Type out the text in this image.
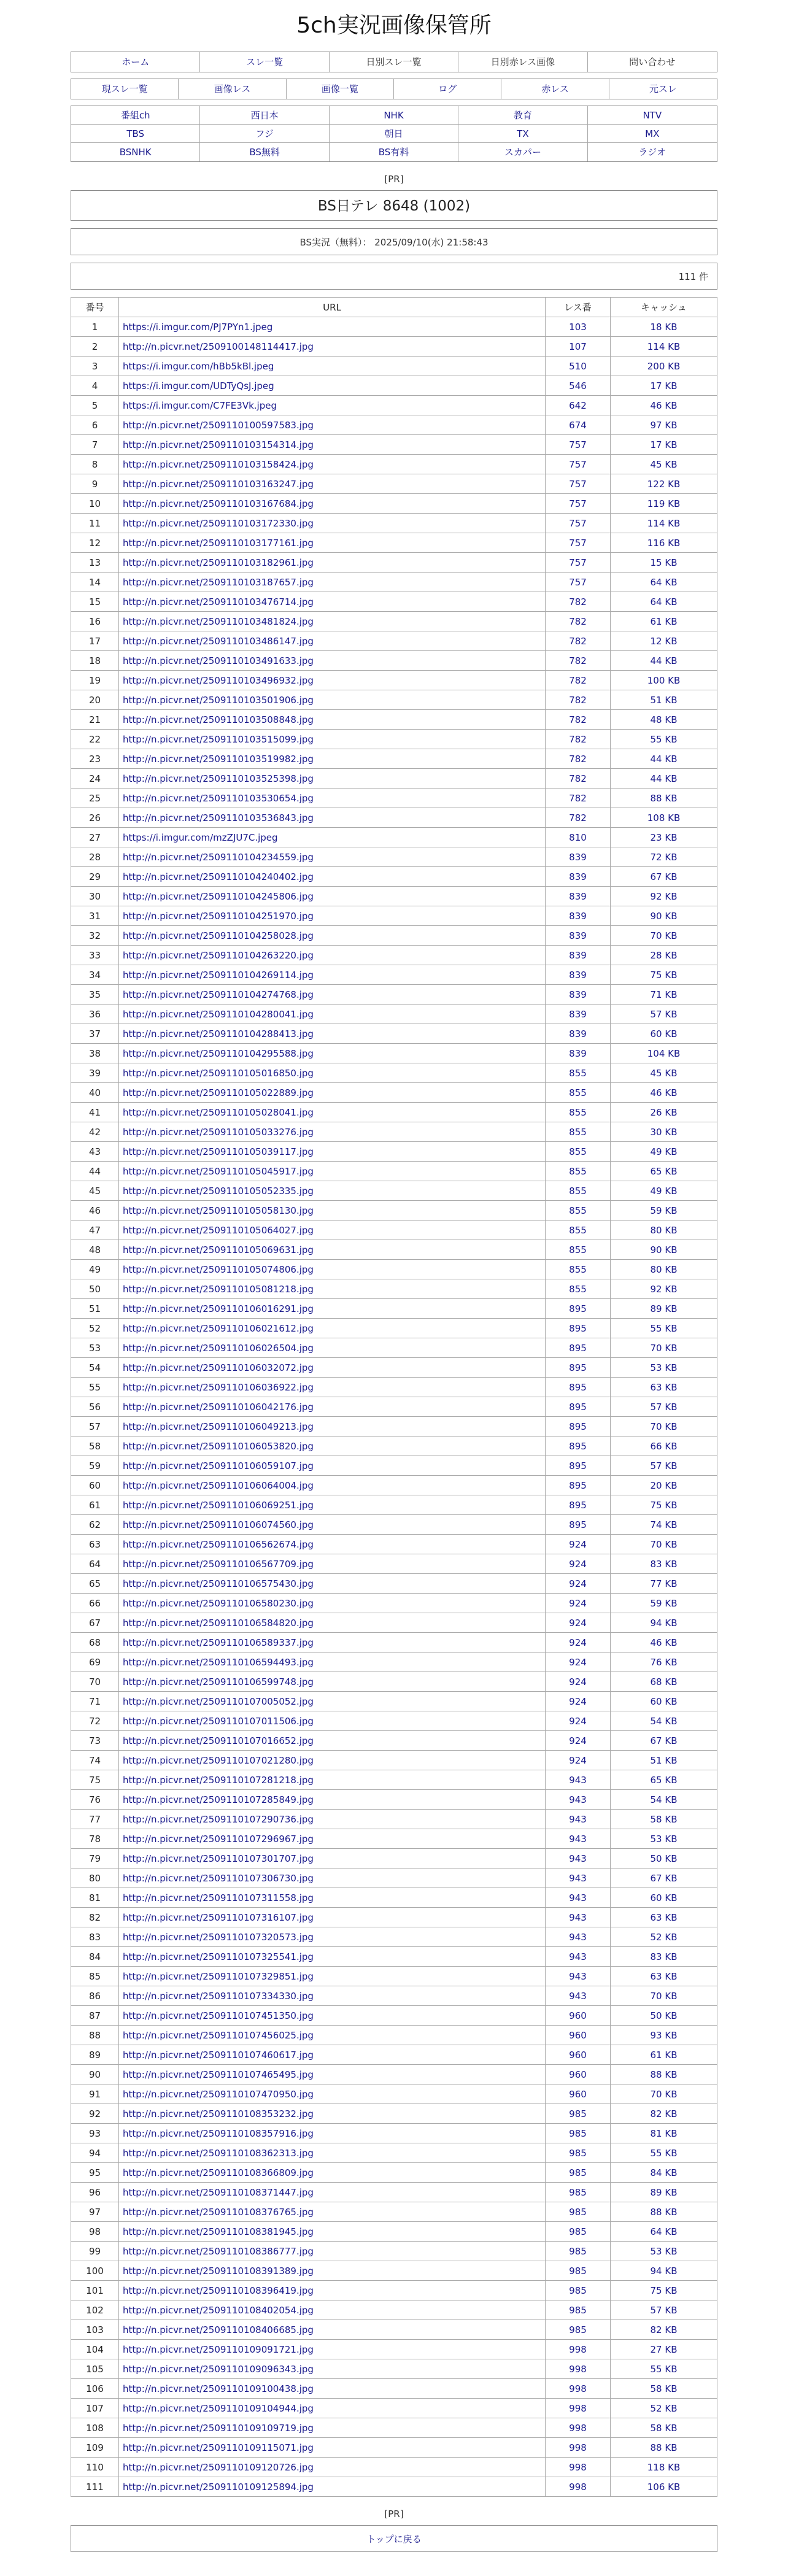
5ch実況画像保管所
ホーム	スレ一覧	日別スレ一覧	日別赤レス画像	問い合わせ
現スレ一覧	画像レス	画像一覧	ログ	赤レス	元スレ
番組ch	西日本	NHK	教育	NTV
TBS	フジ	朝日	TX	MX
BSNHK	BS無料	BS有料	スカパー	ラジオ
[PR]
BS日テレ 8648 (1002)
BS実況（無料）： 2025/09/10(水) 21:58:43
111 件
番号	URL	レス番	キャッシュ
1	https://i.imgur.com/PJ7PYn1.jpeg	103	18 KB
2	http://n.picvr.net/2509100148114417.jpg	107	114 KB
3	https://i.imgur.com/hBb5kBl.jpeg	510	200 KB
4	https://i.imgur.com/UDTyQsJ.jpeg	546	17 KB
5	https://i.imgur.com/C7FE3Vk.jpeg	642	46 KB
6	http://n.picvr.net/2509110100597583.jpg	674	97 KB
7	http://n.picvr.net/2509110103154314.jpg	757	17 KB
8	http://n.picvr.net/2509110103158424.jpg	757	45 KB
9	http://n.picvr.net/2509110103163247.jpg	757	122 KB
10	http://n.picvr.net/2509110103167684.jpg	757	119 KB
11	http://n.picvr.net/2509110103172330.jpg	757	114 KB
12	http://n.picvr.net/2509110103177161.jpg	757	116 KB
13	http://n.picvr.net/2509110103182961.jpg	757	15 KB
14	http://n.picvr.net/2509110103187657.jpg	757	64 KB
15	http://n.picvr.net/2509110103476714.jpg	782	64 KB
16	http://n.picvr.net/2509110103481824.jpg	782	61 KB
17	http://n.picvr.net/2509110103486147.jpg	782	12 KB
18	http://n.picvr.net/2509110103491633.jpg	782	44 KB
19	http://n.picvr.net/2509110103496932.jpg	782	100 KB
20	http://n.picvr.net/2509110103501906.jpg	782	51 KB
21	http://n.picvr.net/2509110103508848.jpg	782	48 KB
22	http://n.picvr.net/2509110103515099.jpg	782	55 KB
23	http://n.picvr.net/2509110103519982.jpg	782	44 KB
24	http://n.picvr.net/2509110103525398.jpg	782	44 KB
25	http://n.picvr.net/2509110103530654.jpg	782	88 KB
26	http://n.picvr.net/2509110103536843.jpg	782	108 KB
27	https://i.imgur.com/mzZJU7C.jpeg	810	23 KB
28	http://n.picvr.net/2509110104234559.jpg	839	72 KB
29	http://n.picvr.net/2509110104240402.jpg	839	67 KB
30	http://n.picvr.net/2509110104245806.jpg	839	92 KB
31	http://n.picvr.net/2509110104251970.jpg	839	90 KB
32	http://n.picvr.net/2509110104258028.jpg	839	70 KB
33	http://n.picvr.net/2509110104263220.jpg	839	28 KB
34	http://n.picvr.net/2509110104269114.jpg	839	75 KB
35	http://n.picvr.net/2509110104274768.jpg	839	71 KB
36	http://n.picvr.net/2509110104280041.jpg	839	57 KB
37	http://n.picvr.net/2509110104288413.jpg	839	60 KB
38	http://n.picvr.net/2509110104295588.jpg	839	104 KB
39	http://n.picvr.net/2509110105016850.jpg	855	45 KB
40	http://n.picvr.net/2509110105022889.jpg	855	46 KB
41	http://n.picvr.net/2509110105028041.jpg	855	26 KB
42	http://n.picvr.net/2509110105033276.jpg	855	30 KB
43	http://n.picvr.net/2509110105039117.jpg	855	49 KB
44	http://n.picvr.net/2509110105045917.jpg	855	65 KB
45	http://n.picvr.net/2509110105052335.jpg	855	49 KB
46	http://n.picvr.net/2509110105058130.jpg	855	59 KB
47	http://n.picvr.net/2509110105064027.jpg	855	80 KB
48	http://n.picvr.net/2509110105069631.jpg	855	90 KB
49	http://n.picvr.net/2509110105074806.jpg	855	80 KB
50	http://n.picvr.net/2509110105081218.jpg	855	92 KB
51	http://n.picvr.net/2509110106016291.jpg	895	89 KB
52	http://n.picvr.net/2509110106021612.jpg	895	55 KB
53	http://n.picvr.net/2509110106026504.jpg	895	70 KB
54	http://n.picvr.net/2509110106032072.jpg	895	53 KB
55	http://n.picvr.net/2509110106036922.jpg	895	63 KB
56	http://n.picvr.net/2509110106042176.jpg	895	57 KB
57	http://n.picvr.net/2509110106049213.jpg	895	70 KB
58	http://n.picvr.net/2509110106053820.jpg	895	66 KB
59	http://n.picvr.net/2509110106059107.jpg	895	57 KB
60	http://n.picvr.net/2509110106064004.jpg	895	20 KB
61	http://n.picvr.net/2509110106069251.jpg	895	75 KB
62	http://n.picvr.net/2509110106074560.jpg	895	74 KB
63	http://n.picvr.net/2509110106562674.jpg	924	70 KB
64	http://n.picvr.net/2509110106567709.jpg	924	83 KB
65	http://n.picvr.net/2509110106575430.jpg	924	77 KB
66	http://n.picvr.net/2509110106580230.jpg	924	59 KB
67	http://n.picvr.net/2509110106584820.jpg	924	94 KB
68	http://n.picvr.net/2509110106589337.jpg	924	46 KB
69	http://n.picvr.net/2509110106594493.jpg	924	76 KB
70	http://n.picvr.net/2509110106599748.jpg	924	68 KB
71	http://n.picvr.net/2509110107005052.jpg	924	60 KB
72	http://n.picvr.net/2509110107011506.jpg	924	54 KB
73	http://n.picvr.net/2509110107016652.jpg	924	67 KB
74	http://n.picvr.net/2509110107021280.jpg	924	51 KB
75	http://n.picvr.net/2509110107281218.jpg	943	65 KB
76	http://n.picvr.net/2509110107285849.jpg	943	54 KB
77	http://n.picvr.net/2509110107290736.jpg	943	58 KB
78	http://n.picvr.net/2509110107296967.jpg	943	53 KB
79	http://n.picvr.net/2509110107301707.jpg	943	50 KB
80	http://n.picvr.net/2509110107306730.jpg	943	67 KB
81	http://n.picvr.net/2509110107311558.jpg	943	60 KB
82	http://n.picvr.net/2509110107316107.jpg	943	63 KB
83	http://n.picvr.net/2509110107320573.jpg	943	52 KB
84	http://n.picvr.net/2509110107325541.jpg	943	83 KB
85	http://n.picvr.net/2509110107329851.jpg	943	63 KB
86	http://n.picvr.net/2509110107334330.jpg	943	70 KB
87	http://n.picvr.net/2509110107451350.jpg	960	50 KB
88	http://n.picvr.net/2509110107456025.jpg	960	93 KB
89	http://n.picvr.net/2509110107460617.jpg	960	61 KB
90	http://n.picvr.net/2509110107465495.jpg	960	88 KB
91	http://n.picvr.net/2509110107470950.jpg	960	70 KB
92	http://n.picvr.net/2509110108353232.jpg	985	82 KB
93	http://n.picvr.net/2509110108357916.jpg	985	81 KB
94	http://n.picvr.net/2509110108362313.jpg	985	55 KB
95	http://n.picvr.net/2509110108366809.jpg	985	84 KB
96	http://n.picvr.net/2509110108371447.jpg	985	89 KB
97	http://n.picvr.net/2509110108376765.jpg	985	88 KB
98	http://n.picvr.net/2509110108381945.jpg	985	64 KB
99	http://n.picvr.net/2509110108386777.jpg	985	53 KB
100	http://n.picvr.net/2509110108391389.jpg	985	94 KB
101	http://n.picvr.net/2509110108396419.jpg	985	75 KB
102	http://n.picvr.net/2509110108402054.jpg	985	57 KB
103	http://n.picvr.net/2509110108406685.jpg	985	82 KB
104	http://n.picvr.net/2509110109091721.jpg	998	27 KB
105	http://n.picvr.net/2509110109096343.jpg	998	55 KB
106	http://n.picvr.net/2509110109100438.jpg	998	58 KB
107	http://n.picvr.net/2509110109104944.jpg	998	52 KB
108	http://n.picvr.net/2509110109109719.jpg	998	58 KB
109	http://n.picvr.net/2509110109115071.jpg	998	88 KB
110	http://n.picvr.net/2509110109120726.jpg	998	118 KB
111	http://n.picvr.net/2509110109125894.jpg	998	106 KB
[PR]
トップに戻る
